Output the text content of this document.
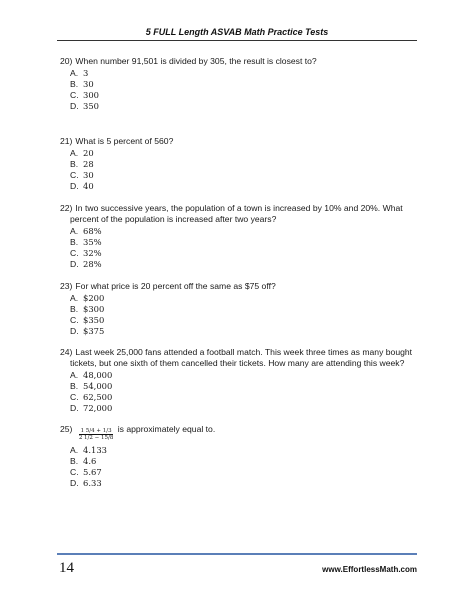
5 FULL Length ASVAB Math Practice Tests
20) When number 91,501 is divided by 305, the result is closest to?
A. 3
B. 30
C. 300
D. 350
21) What is 5 percent of 560?
A. 20
B. 28
C. 30
D. 40
22) In two successive years, the population of a town is increased by 10% and 20%. What
percent of the population is increased after two years?
A. 68%
B. 35%
C. 32%
D. 28%
23) For what price is 20 percent off the same as $75 off?
A. $200
B. $300
C. $350
D. $375
24) Last week 25,000 fans attended a football match. This week three times as many bought
tickets, but one sixth of them cancelled their tickets. How many are attending this week?
A. 48,000
B. 54,000
C. 62,500
D. 72,000
$25) \frac{1 5/4 + 1/3}{2 1/2 - 15/8}$ is approximately equal to.
A. 4.133
B. 4.6
C. 5.67
D. 6.33
14	www.EffortlessMath.com
